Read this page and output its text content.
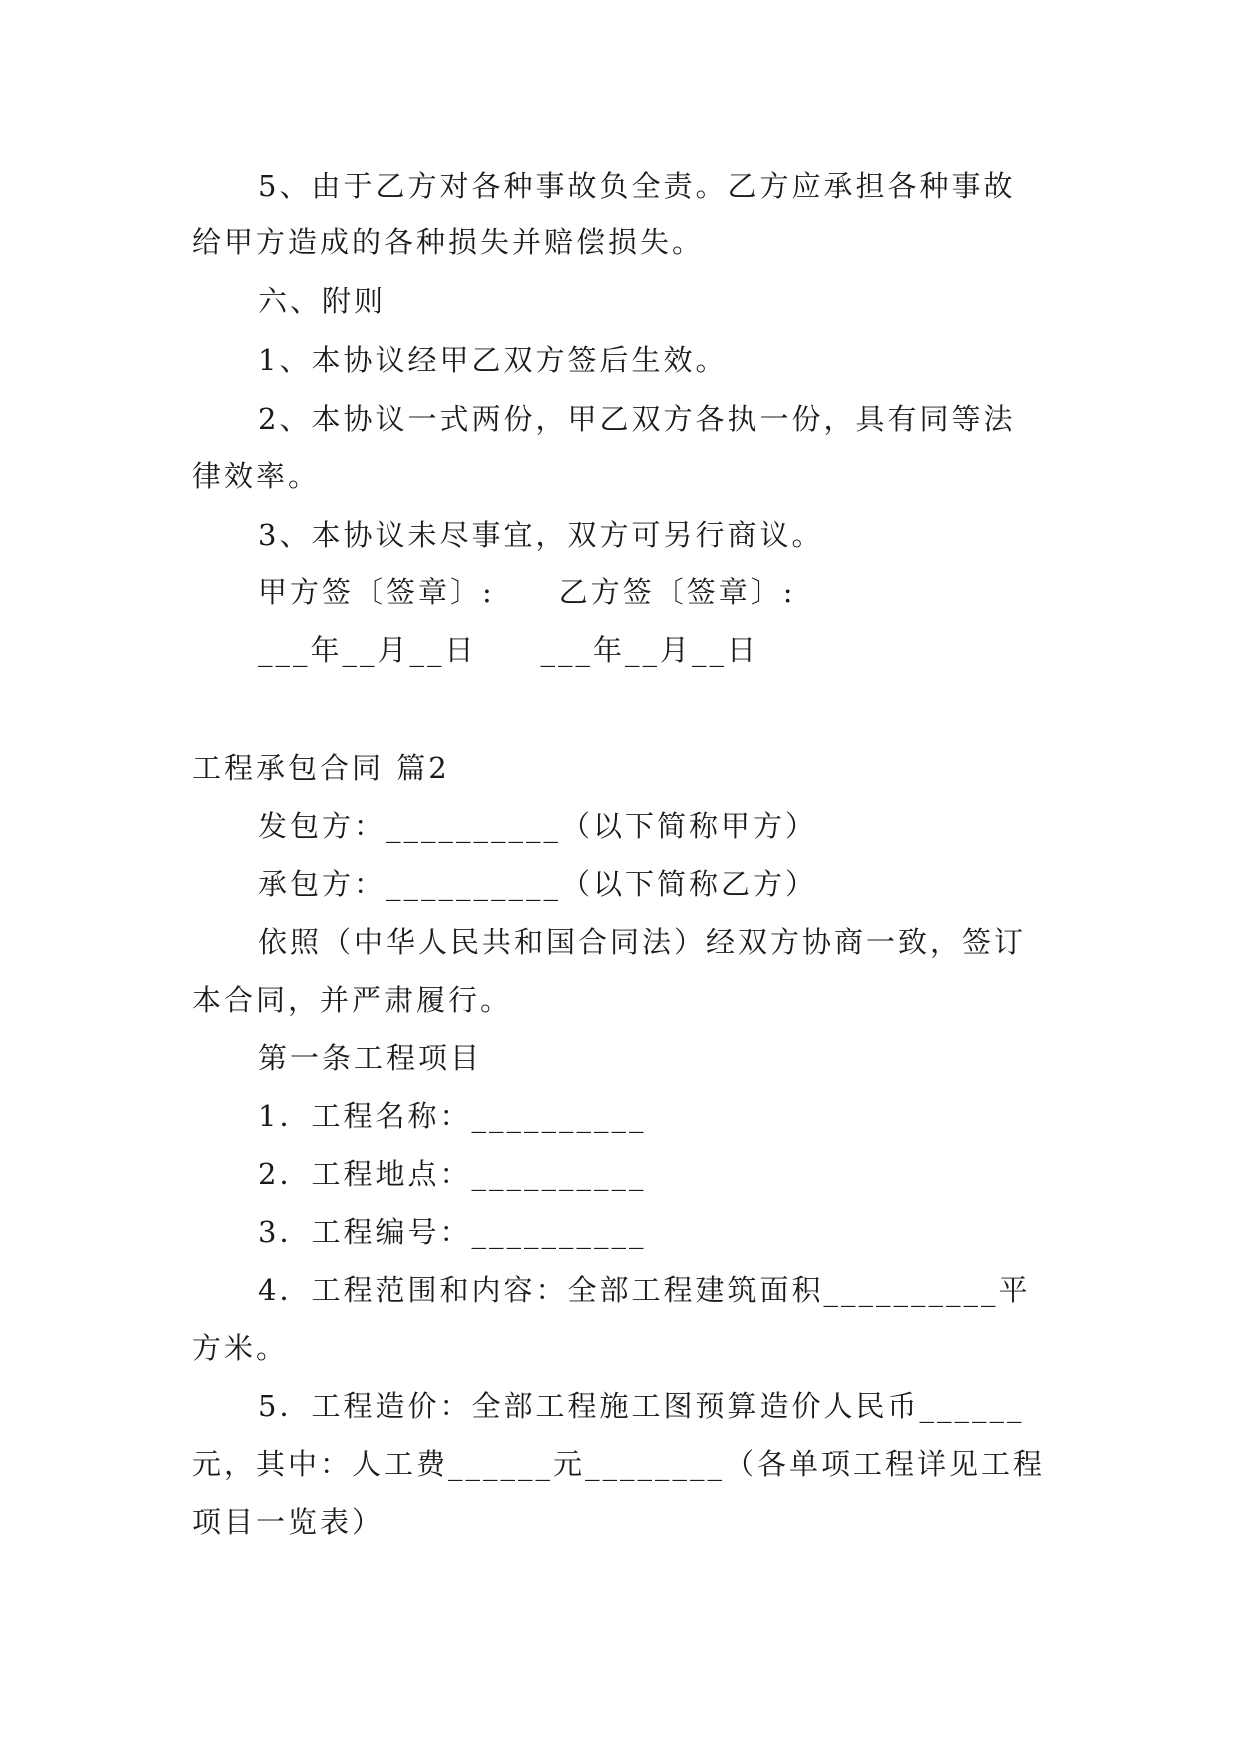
5、由于乙方对各种事故负全责。乙方应承担各种事故
给甲方造成的各种损失并赔偿损失。
六、附则
1、本协议经甲乙双方签后生效。
2、本协议一式两份，甲乙双方各执一份，具有同等法
律效率。
3、本协议未尽事宜，双方可另行商议。
甲方签〔签章〕:　　乙方签〔签章〕:
___年__月__日　　___年__月__日
工程承包合同 篇2
发包方：__________（以下简称甲方）
承包方：__________（以下简称乙方）
依照（中华人民共和国合同法）经双方协商一致，签订
本合同，并严肃履行。
第一条工程项目
1．工程名称：__________
2．工程地点：__________
3．工程编号：__________
4．工程范围和内容：全部工程建筑面积__________平
方米。
5．工程造价：全部工程施工图预算造价人民币______
元，其中：人工费______元________（各单项工程详见工程
项目一览表）
